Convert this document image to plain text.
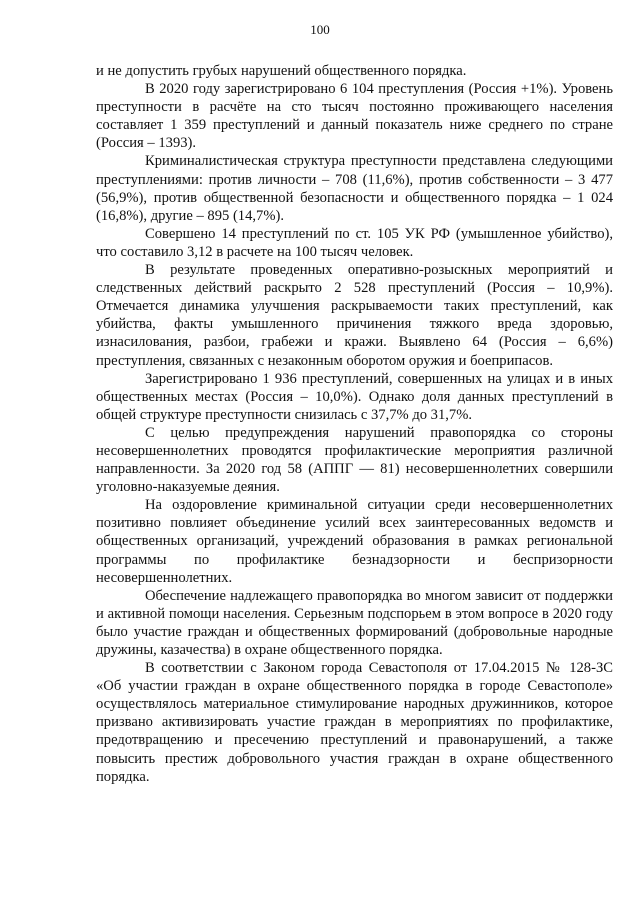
100

и не допустить грубых нарушений общественного порядка.

В 2020 году зарегистрировано 6 104 преступления (Россия +1%). Уровень преступности в расчёте на сто тысяч постоянно проживающего населения составляет 1 359 преступлений и данный показатель ниже среднего по стране (Россия – 1393).

Криминалистическая структура преступности представлена следующими преступлениями: против личности – 708 (11,6%), против собственности – 3 477 (56,9%), против общественной безопасности и общественного порядка – 1 024 (16,8%), другие – 895 (14,7%).

Совершено 14 преступлений по ст. 105 УК РФ (умышленное убийство), что составило 3,12 в расчете на 100 тысяч человек.

В результате проведенных оперативно-розыскных мероприятий и следственных действий раскрыто 2 528 преступлений (Россия – 10,9%). Отмечается динамика улучшения раскрываемости таких преступлений, как убийства, факты умышленного причинения тяжкого вреда здоровью, изнасилования, разбои, грабежи и кражи. Выявлено 64 (Россия – 6,6%) преступления, связанных с незаконным оборотом оружия и боеприпасов.

Зарегистрировано 1 936 преступлений, совершенных на улицах и в иных общественных местах (Россия – 10,0%). Однако доля данных преступлений в общей структуре преступности снизилась с 37,7% до 31,7%.

С целью предупреждения нарушений правопорядка со стороны несовершеннолетних проводятся профилактические мероприятия различной направленности. За 2020 год 58 (АППГ — 81) несовершеннолетних совершили уголовно-наказуемые деяния.

На оздоровление криминальной ситуации среди несовершеннолетних позитивно повлияет объединение усилий всех заинтересованных ведомств и общественных организаций, учреждений образования в рамках региональной программы по профилактике безнадзорности и беспризорности несовершеннолетних.

Обеспечение надлежащего правопорядка во многом зависит от поддержки и активной помощи населения. Серьезным подспорьем в этом вопросе в 2020 году было участие граждан и общественных формирований (добровольные народные дружины, казачества) в охране общественного порядка.

В соответствии с Законом города Севастополя от 17.04.2015 № 128-ЗС «Об участии граждан в охране общественного порядка в городе Севастополе» осуществлялось материальное стимулирование народных дружинников, которое призвано активизировать участие граждан в мероприятиях по профилактике, предотвращению и пресечению преступлений и правонарушений, а также повысить престиж добровольного участия граждан в охране общественного порядка.
